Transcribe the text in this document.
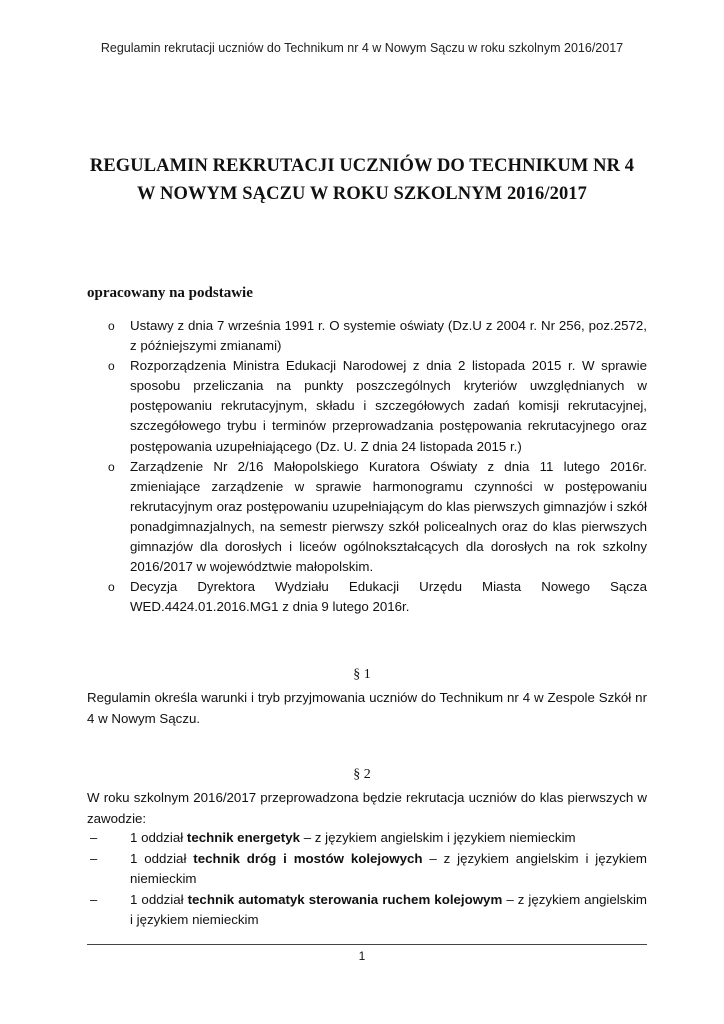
Regulamin rekrutacji uczniów do Technikum nr 4 w Nowym Sączu w roku szkolnym 2016/2017
REGULAMIN REKRUTACJI UCZNIÓW DO TECHNIKUM NR 4
W NOWYM SĄCZU W ROKU SZKOLNYM 2016/2017
opracowany na podstawie
o Ustawy z dnia 7 września 1991 r. O systemie oświaty (Dz.U z 2004 r. Nr 256, poz.2572, z późniejszymi zmianami)
o Rozporządzenia Ministra Edukacji Narodowej z dnia 2 listopada 2015 r. W sprawie sposobu przeliczania na punkty poszczególnych kryteriów uwzględnianych w postępowaniu rekrutacyjnym, składu i szczegółowych zadań komisji rekrutacyjnej, szczegółowego trybu i terminów przeprowadzania postępowania rekrutacyjnego oraz postępowania uzupełniającego (Dz. U. Z dnia 24 listopada 2015 r.)
o Zarządzenie Nr 2/16 Małopolskiego Kuratora Oświaty z dnia 11 lutego 2016r. zmieniające zarządzenie w sprawie harmonogramu czynności w postępowaniu rekrutacyjnym oraz postępowaniu uzupełniającym do klas pierwszych gimnazjów i szkół ponadgimnazjalnych, na semestr pierwszy szkół policealnych oraz do klas pierwszych gimnazjów dla dorosłych i liceów ogólnokształcących dla dorosłych na rok szkolny 2016/2017 w województwie małopolskim.
o Decyzja Dyrektora Wydziału Edukacji Urzędu Miasta Nowego Sącza WED.4424.01.2016.MG1 z dnia 9 lutego 2016r.
§ 1
Regulamin określa warunki i tryb przyjmowania uczniów do Technikum nr 4 w Zespole Szkół nr 4 w Nowym Sączu.
§ 2
W roku szkolnym 2016/2017 przeprowadzona będzie rekrutacja uczniów do klas pierwszych w zawodzie:
– 1 oddział technik energetyk – z językiem angielskim i językiem niemieckim
– 1 oddział technik dróg i mostów kolejowych – z językiem angielskim i językiem niemieckim
– 1 oddział technik automatyk sterowania ruchem kolejowym – z językiem angielskim i językiem niemieckim
1
